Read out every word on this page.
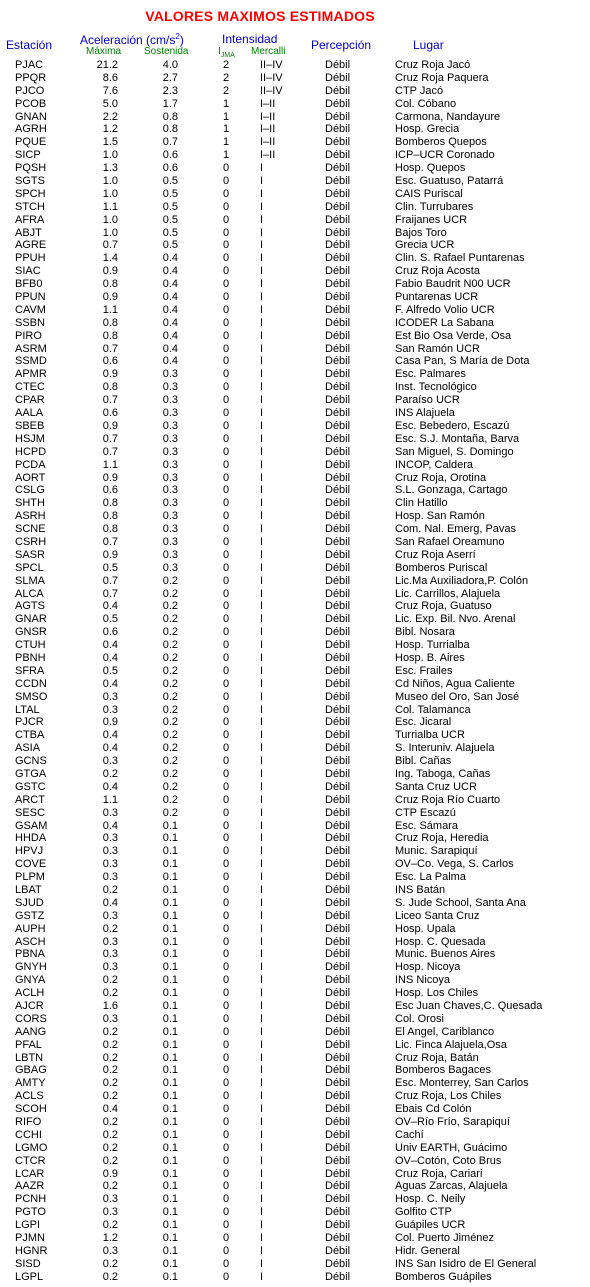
VALORES MAXIMOS ESTIMADOS
Estación Aceleración $(cm/s^2)$
Máxima Sostenida
Intensidad
$I_{JMA}$ Mercalli Percepción	Lugar
PJAC	21.2	4.0	2	II–IV	Débil	Cruz Roja Jacó
PPQR	8.6	2.7	2	II–IV	Débil	Cruz Roja Paquera
PJCO	7.6	2.3	2	II–IV	Débil	CTP Jacó
PCOB	5.0	1.7	1	I–II	Débil	Col. Cóbano
GNAN	2.2	0.8	1	I–II	Débil	Carmona, Nandayure
AGRH	1.2	0.8	1	I–II	Débil	Hosp. Grecia
PQUE	1.5	0.7	1	I–II	Débil	Bomberos Quepos
SICP	1.0	0.6	1	I–II	Débil	ICP–UCR Coronado
PQSH	1.3	0.6	0	I	Débil	Hosp. Quepos
SGTS	1.0	0.5	0	I	Débil	Esc. Guatuso, Patarrá
SPCH	1.0	0.5	0	I	Débil	CAIS Puriscal
STCH	1.1	0.5	0	I	Débil	Clin. Turrubares
AFRA	1.0	0.5	0	I	Débil	Fraijanes UCR
ABJT	1.0	0.5	0	I	Débil	Bajos Toro
AGRE	0.7	0.5	0	I	Débil	Grecia UCR
PPUH	1.4	0.4	0	I	Débil	Clin. S. Rafael Puntarenas
SIAC	0.9	0.4	0	I	Débil	Cruz Roja Acosta
BFB0	0.8	0.4	0	I	Débil	Fabio Baudrit N00 UCR
PPUN	0.9	0.4	0	I	Débil	Puntarenas UCR
CAVM	1.1	0.4	0	I	Débil	F. Alfredo Volio UCR
SSBN	0.8	0.4	0	I	Débil	ICODER La Sabana
PIRO	0.8	0.4	0	I	Débil	Est Bio Osa Verde, Osa
ASRM	0.7	0.4	0	I	Débil	San Ramón UCR
SSMD	0.6	0.4	0	I	Débil	Casa Pan, S María de Dota
APMR	0.9	0.3	0	I	Débil	Esc. Palmares
CTEC	0.8	0.3	0	I	Débil	Inst. Tecnológico
CPAR	0.7	0.3	0	I	Débil	Paraíso UCR
AALA	0.6	0.3	0	I	Débil	INS Alajuela
SBEB	0.9	0.3	0	I	Débil	Esc. Bebedero, Escazú
HSJM	0.7	0.3	0	I	Débil	Esc. S.J. Montaña, Barva
HCPD	0.7	0.3	0	I	Débil	San Miguel, S. Domingo
PCDA	1.1	0.3	0	I	Débil	INCOP, Caldera
AORT	0.9	0.3	0	I	Débil	Cruz Roja, Orotina
CSLG	0.6	0.3	0	I	Débil	S.L. Gonzaga, Cartago
SHTH	0.8	0.3	0	I	Débil	Clin Hatillo
ASRH	0.8	0.3	0	I	Débil	Hosp. San Ramón
SCNE	0.8	0.3	0	I	Débil	Com. Nal. Emerg, Pavas
CSRH	0.7	0.3	0	I	Débil	San Rafael Oreamuno
SASR	0.9	0.3	0	I	Débil	Cruz Roja Aserrí
SPCL	0.5	0.3	0	I	Débil	Bomberos Puriscal
SLMA	0.7	0.2	0	I	Débil	Lic.Ma Auxiliadora,P. Colón
ALCA	0.7	0.2	0	I	Débil	Lic. Carrillos, Alajuela
AGTS	0.4	0.2	0	I	Débil	Cruz Roja, Guatuso
GNAR	0.5	0.2	0	I	Débil	Lic. Exp. Bil. Nvo. Arenal
GNSR	0.6	0.2	0	I	Débil	Bibl. Nosara
CTUH	0.4	0.2	0	I	Débil	Hosp. Turrialba
PBNH	0.4	0.2	0	I	Débil	Hosp. B. Aires
SFRA	0.5	0.2	0	I	Débil	Esc. Frailes
CCDN	0.4	0.2	0	I	Débil	Cd Niños, Agua Caliente
SMSO	0.3	0.2	0	I	Débil	Museo del Oro, San José
LTAL	0.3	0.2	0	I	Débil	Col. Talamanca
PJCR	0.9	0.2	0	I	Débil	Esc. Jicaral
CTBA	0.4	0.2	0	I	Débil	Turrialba UCR
ASIA	0.4	0.2	0	I	Débil	S. Interuniv. Alajuela
GCNS	0.3	0.2	0	I	Débil	Bibl. Cañas
GTGA	0.2	0.2	0	I	Débil	Ing. Taboga, Cañas
GSTC	0.4	0.2	0	I	Débil	Santa Cruz UCR
ARCT	1.1	0.2	0	I	Débil	Cruz Roja Río Cuarto
SESC	0.3	0.2	0	I	Débil	CTP Escazú
GSAM	0.4	0.1	0	I	Débil	Esc. Sámara
HHDA	0.3	0.1	0	I	Débil	Cruz Roja, Heredia
HPVJ	0.3	0.1	0	I	Débil	Munic. Sarapiquí
COVE	0.3	0.1	0	I	Débil	OV–Co. Vega, S. Carlos
PLPM	0.3	0.1	0	I	Débil	Esc. La Palma
LBAT	0.2	0.1	0	I	Débil	INS Batán
SJUD	0.4	0.1	0	I	Débil	S. Jude School, Santa Ana
GSTZ	0.3	0.1	0	I	Débil	Liceo Santa Cruz
AUPH	0.2	0.1	0	I	Débil	Hosp. Upala
ASCH	0.3	0.1	0	I	Débil	Hosp. C. Quesada
PBNA	0.3	0.1	0	I	Débil	Munic. Buenos Aires
GNYH	0.3	0.1	0	I	Débil	Hosp. Nicoya
GNYA	0.2	0.1	0	I	Débil	INS Nicoya
ACLH	0.2	0.1	0	I	Débil	Hosp. Los Chiles
AJCR	1.6	0.1	0	I	Débil	Esc Juan Chaves,C. Quesada
CORS	0.3	0.1	0	I	Débil	Col. Orosi
AANG	0.2	0.1	0	I	Débil	El Angel, Cariblanco
PFAL	0.2	0.1	0	I	Débil	Lic. Finca Alajuela,Osa
LBTN	0.2	0.1	0	I	Débil	Cruz Roja, Batán
GBAG	0.2	0.1	0	I	Débil	Bomberos Bagaces
AMTY	0.2	0.1	0	I	Débil	Esc. Monterrey, San Carlos
ACLS	0.2	0.1	0	I	Débil	Cruz Roja, Los Chiles
SCOH	0.4	0.1	0	I	Débil	Ebais Cd Colón
RIFO	0.2	0.1	0	I	Débil	OV–Río Frío, Sarapiquí
CCHI	0.2	0.1	0	I	Débil	Cachí
LGMO	0.2	0.1	0	I	Débil	Univ EARTH, Guácimo
CTCR	0.2	0.1	0	I	Débil	OV–Cotón, Coto Brus
LCAR	0.9	0.1	0	I	Débil	Cruz Roja, Cariari
AAZR	0.2	0.1	0	I	Débil	Aguas Zarcas, Alajuela
PCNH	0.3	0.1	0	I	Débil	Hosp. C. Neily
PGTO	0.3	0.1	0	I	Débil	Golfito CTP
LGPI	0.2	0.1	0	I	Débil	Guápiles UCR
PJMN	1.2	0.1	0	I	Débil	Col. Puerto Jiménez
HGNR	0.3	0.1	0	I	Débil	Hidr. General
SISD	0.2	0.1	0	I	Débil	INS San Isidro de El General
LGPL	0.2	0.1	0	I	Débil	Bomberos Guápiles
